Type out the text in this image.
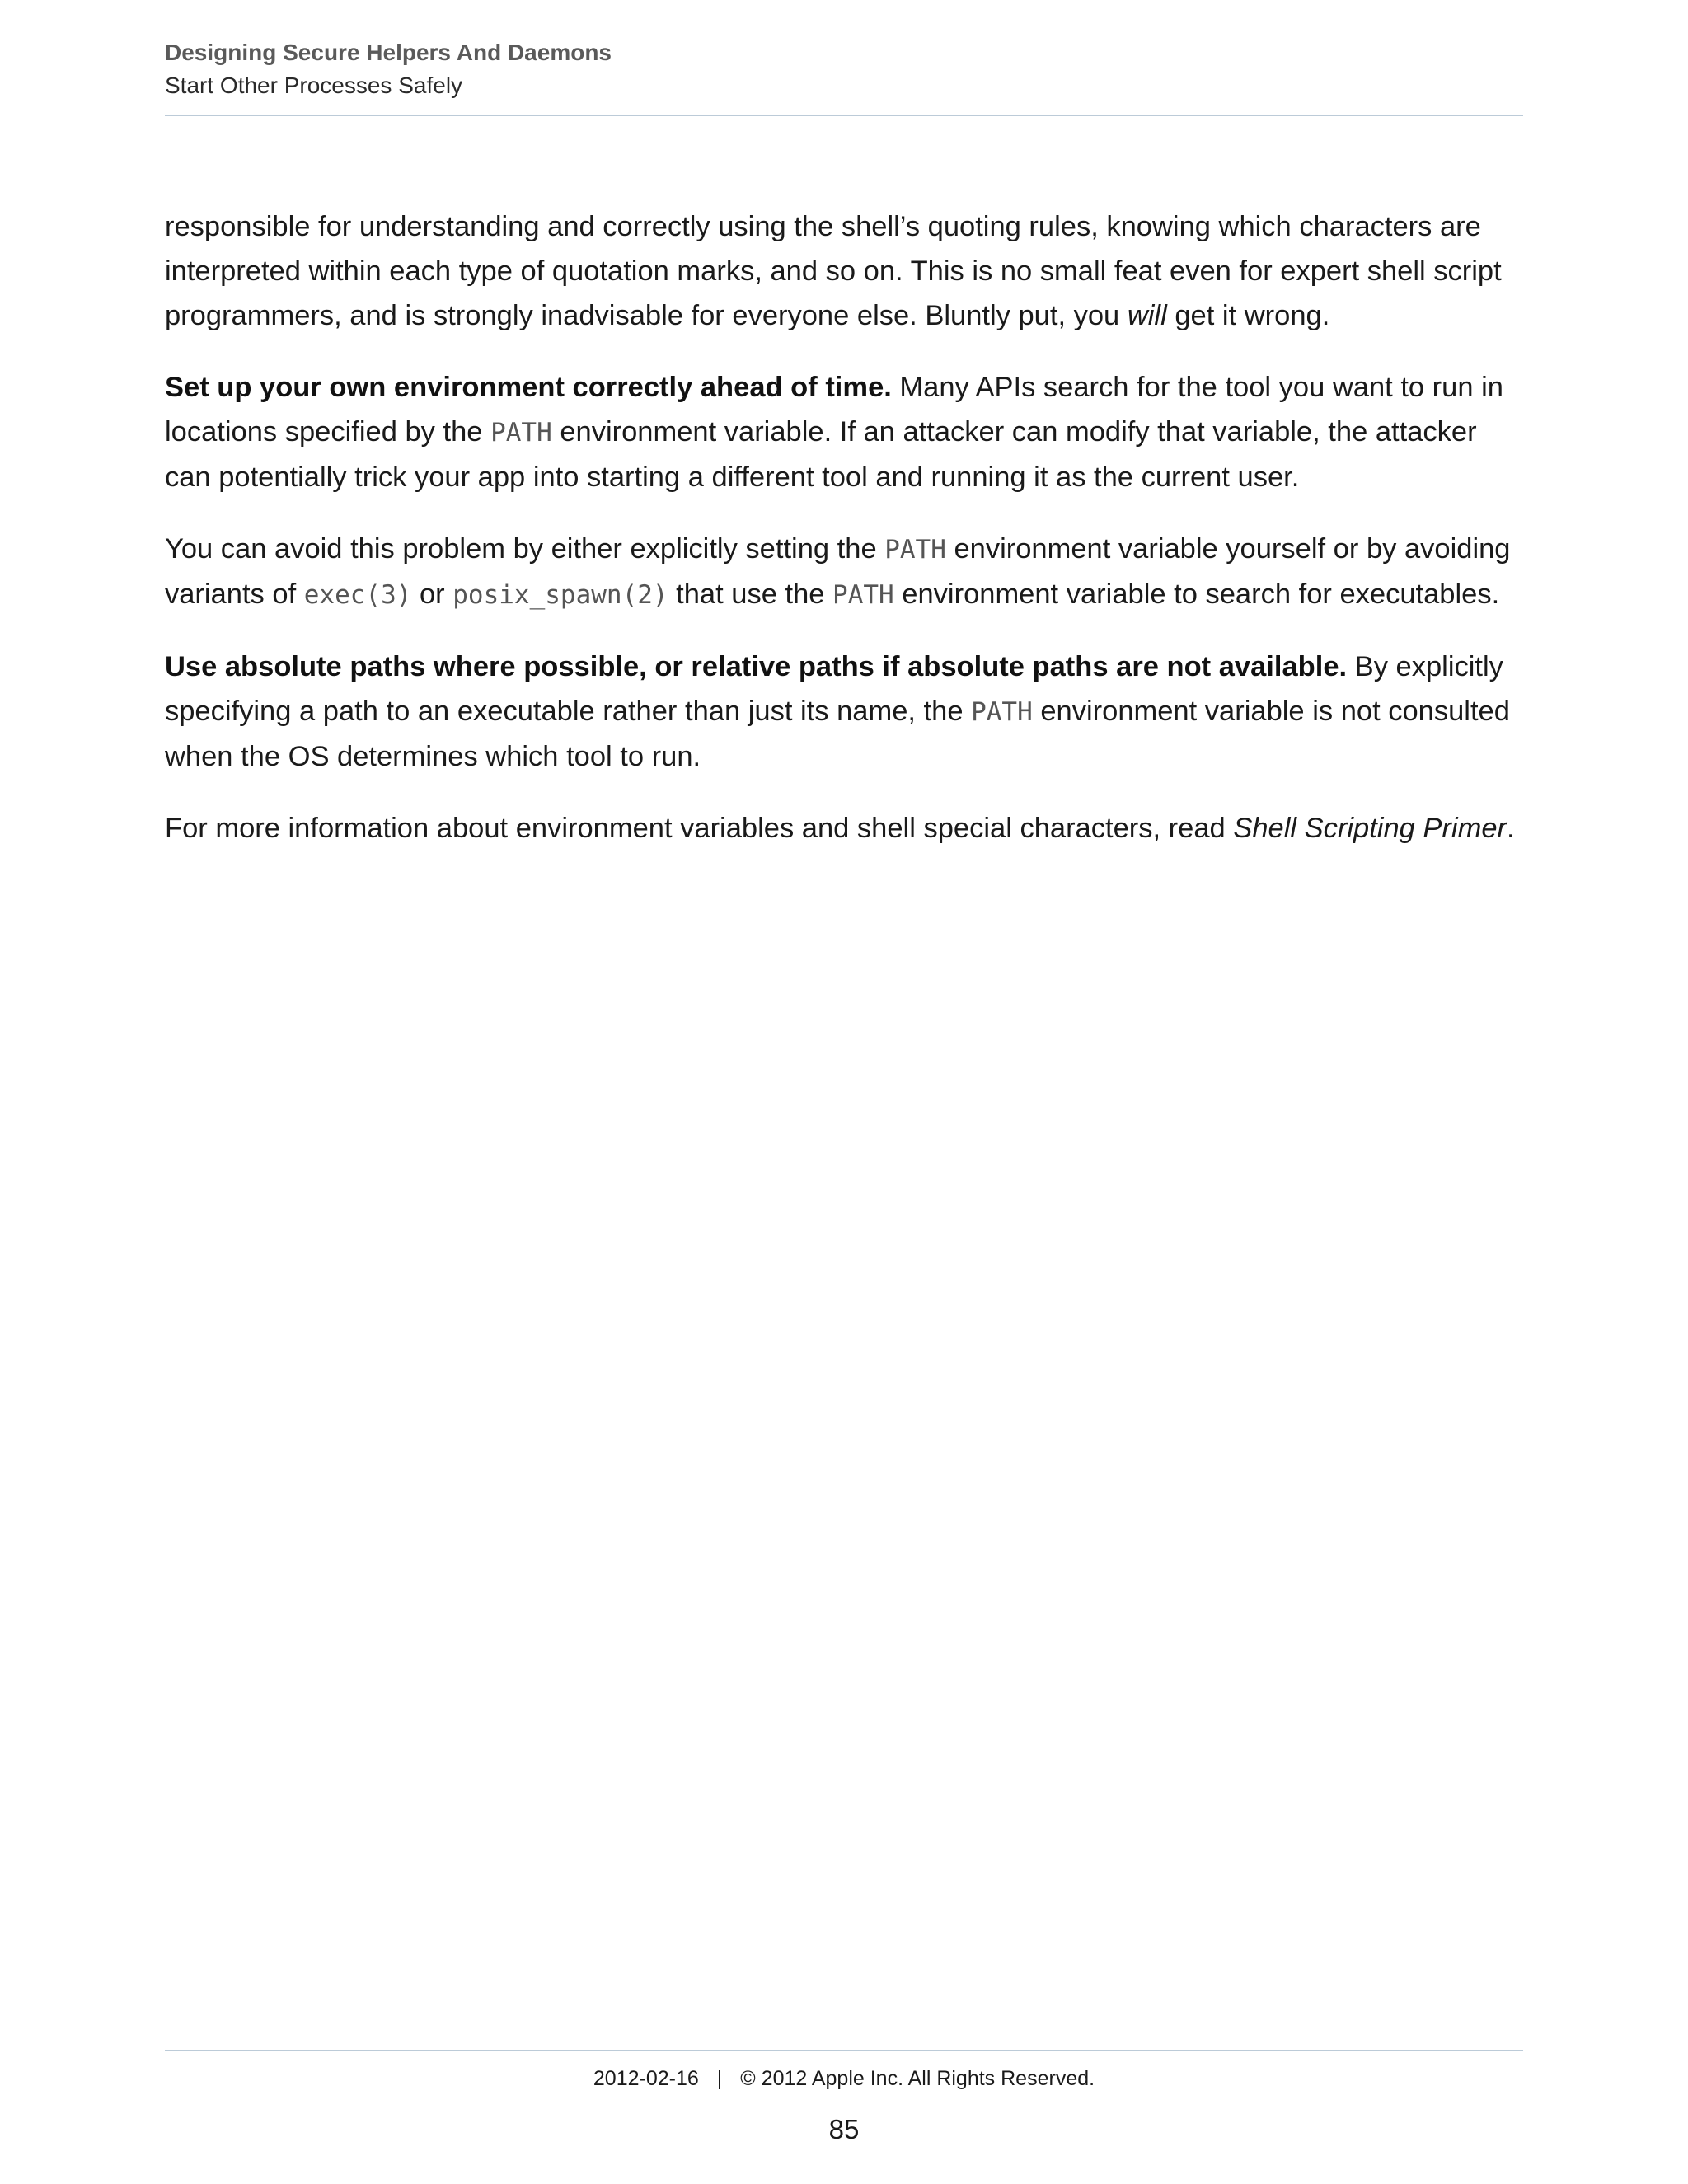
Designing Secure Helpers And Daemons
Start Other Processes Safely

responsible for understanding and correctly using the shell’s quoting rules, knowing which characters are interpreted within each type of quotation marks, and so on. This is no small feat even for expert shell script programmers, and is strongly inadvisable for everyone else. Bluntly put, you will get it wrong.

Set up your own environment correctly ahead of time. Many APIs search for the tool you want to run in locations specified by the PATH environment variable. If an attacker can modify that variable, the attacker can potentially trick your app into starting a different tool and running it as the current user.

You can avoid this problem by either explicitly setting the PATH environment variable yourself or by avoiding variants of exec(3) or posix_spawn(2) that use the PATH environment variable to search for executables.

Use absolute paths where possible, or relative paths if absolute paths are not available. By explicitly specifying a path to an executable rather than just its name, the PATH environment variable is not consulted when the OS determines which tool to run.

For more information about environment variables and shell special characters, read Shell Scripting Primer.

2012-02-16 | © 2012 Apple Inc. All Rights Reserved.
85
